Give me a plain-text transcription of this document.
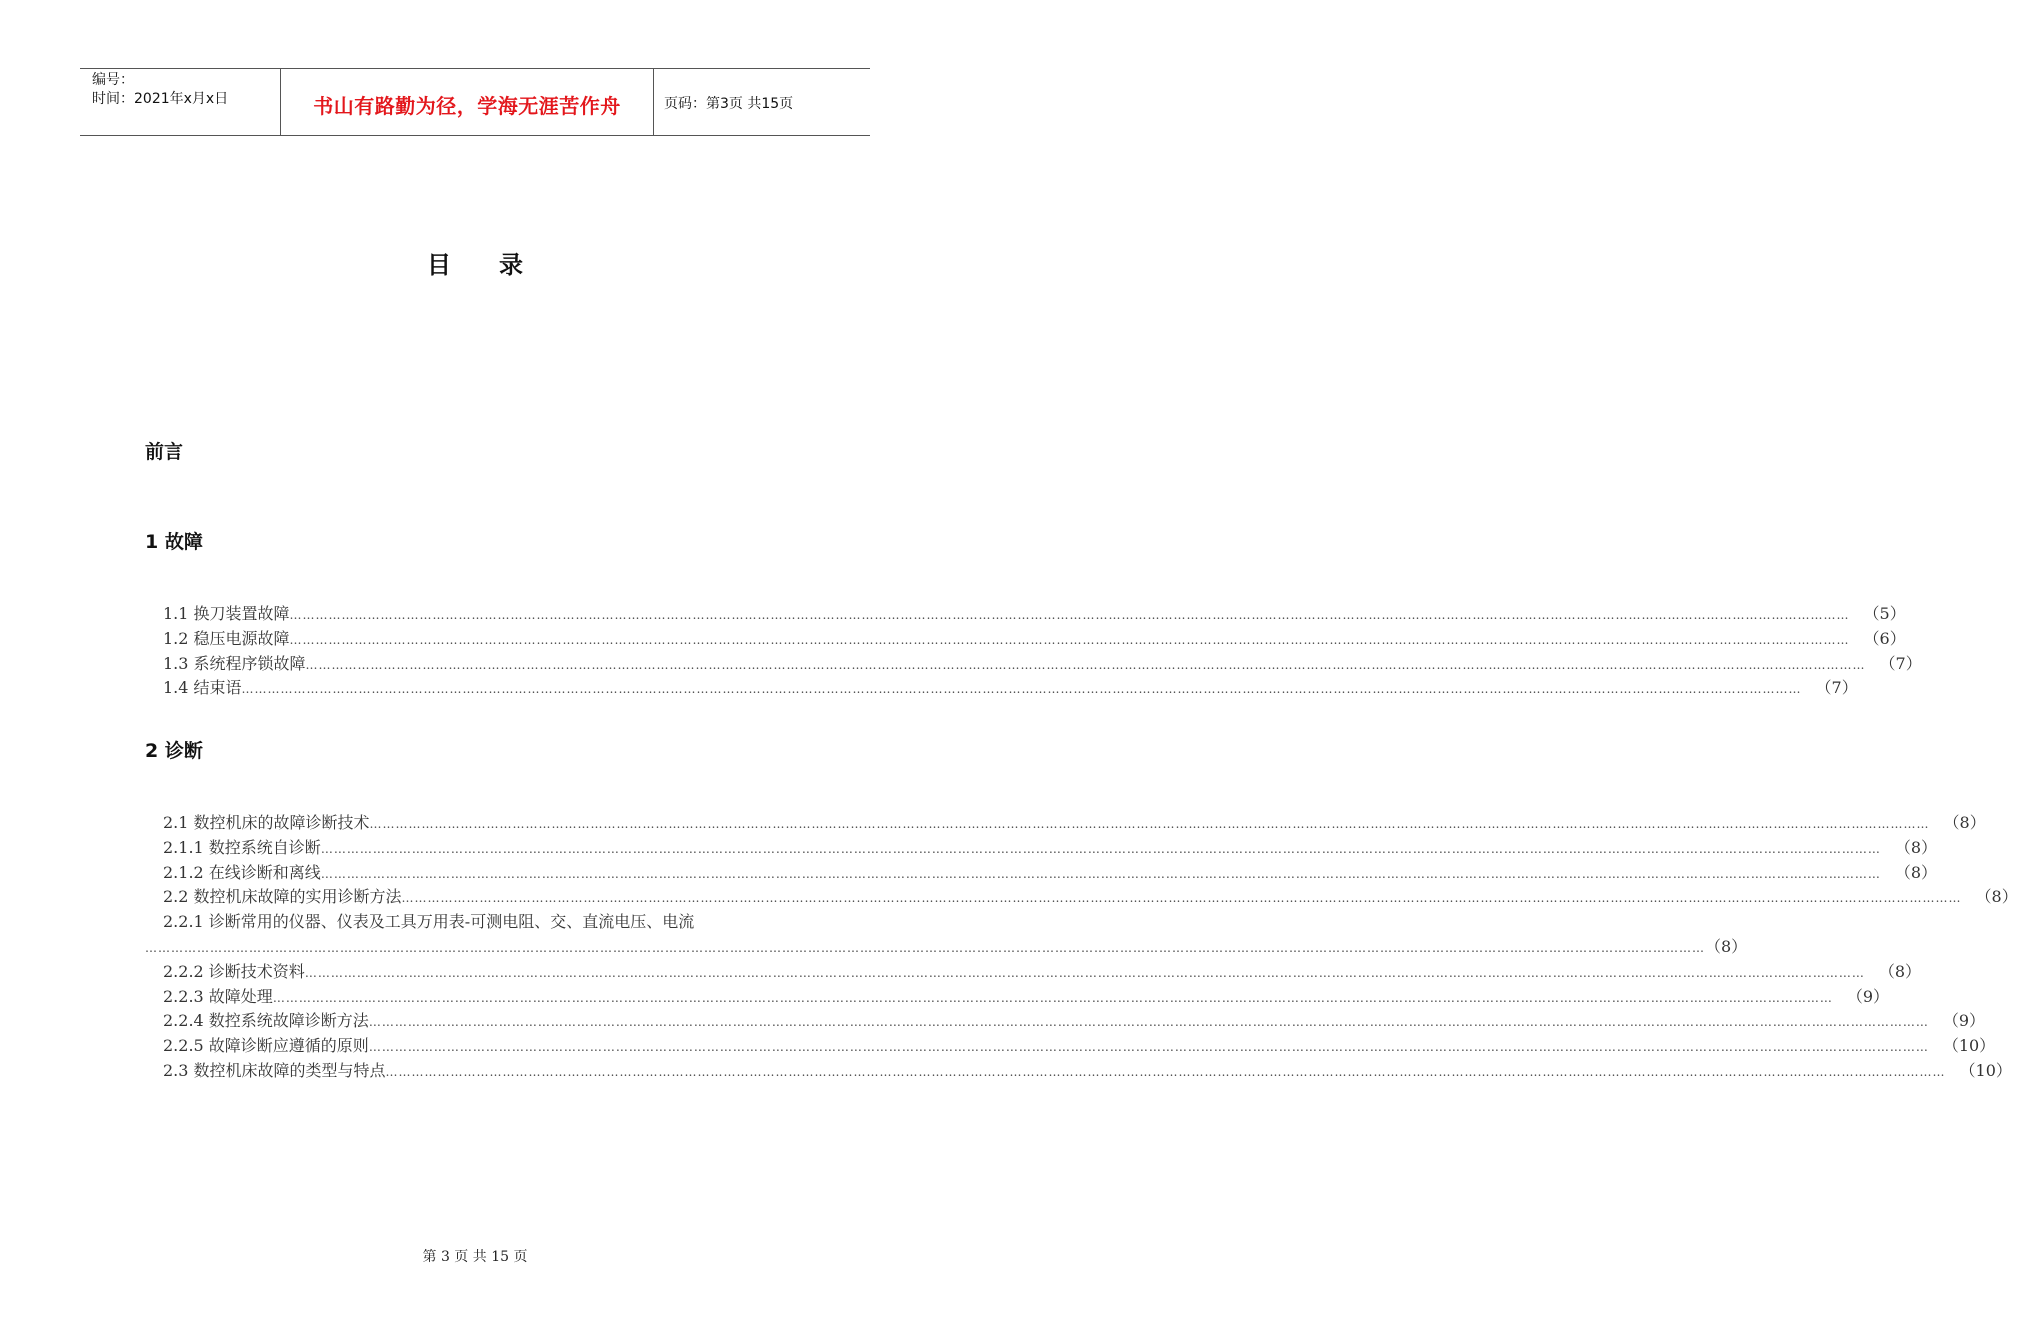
编号：
时间：2021年x月x日	书山有路勤为径，学海无涯苦作舟	页码：第3页 共15页
目录
前言
1 故障
1.1 换刀装置故障 ……………………………………………………………………………………………………………………………………………………………………………………………………………………………………………………………………………………………………………………………… （5）
1.2 稳压电源故障 ……………………………………………………………………………………………………………………………………………………………………………………………………………………………………………………………………………………………………………………………… （6）
1.3 系统程序锁故障 ……………………………………………………………………………………………………………………………………………………………………………………………………………………………………………………………………………………………………………………………… （7）
1.4 结束语 ……………………………………………………………………………………………………………………………………………………………………………………………………………………………………………………………………………………………………………………………… （7）
2 诊断
2.1 数控机床的故障诊断技术 ……………………………………………………………………………………………………………………………………………………………………………………………………………………………………………………………………………………………………………………………… （8）
2.1.1 数控系统自诊断 ……………………………………………………………………………………………………………………………………………………………………………………………………………………………………………………………………………………………………………………………… （8）
2.1.2 在线诊断和离线 ……………………………………………………………………………………………………………………………………………………………………………………………………………………………………………………………………………………………………………………………… （8）
2.2 数控机床故障的实用诊断方法 ……………………………………………………………………………………………………………………………………………………………………………………………………………………………………………………………………………………………………………………………… （8）
2.2.1 诊断常用的仪器、仪表及工具万用表-可测电阻、交、直流电压、电流
……………………………………………………………………………………………………………………………………………………………………………………………………………………………………………………………………………………………………………………………… （8）
2.2.2 诊断技术资料 ……………………………………………………………………………………………………………………………………………………………………………………………………………………………………………………………………………………………………………………………… （8）
2.2.3 故障处理 ……………………………………………………………………………………………………………………………………………………………………………………………………………………………………………………………………………………………………………………………… （9）
2.2.4 数控系统故障诊断方法 ……………………………………………………………………………………………………………………………………………………………………………………………………………………………………………………………………………………………………………………………… （9）
2.2.5 故障诊断应遵循的原则 ……………………………………………………………………………………………………………………………………………………………………………………………………………………………………………………………………………………………………………………………… （10）
2.3 数控机床故障的类型与特点 ……………………………………………………………………………………………………………………………………………………………………………………………………………………………………………………………………………………………………………………………… （10）
第 3 页 共 15 页
